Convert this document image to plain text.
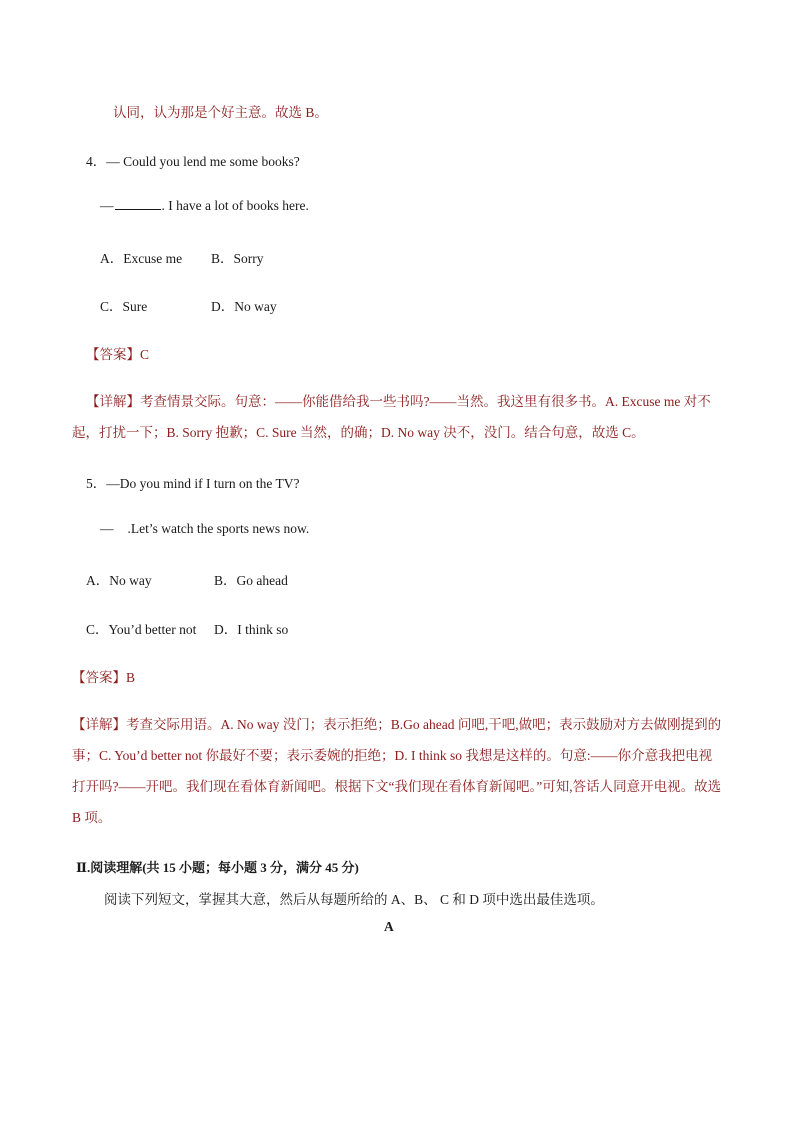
认同，认为那是个好主意。故选 B。
4．— Could you lend me some books?
—	. I have a lot of books here.
A．Excuse me B．Sorry
C．Sure	D．No way
【答案】C
【详解】考查情景交际。句意：——你能借给我一些书吗?——当然。我这里有很多书。A. Excuse me 对不起，打扰一下；B. Sorry 抱歉；C. Sure 当然，的确；D. No way 决不，没门。结合句意，故选 C。
5．—Do you mind if I turn on the TV?
— .Let’s watch the sports news now.
A．No way	B．Go ahead
C．You’d better not D．I think so
【答案】B
【详解】考查交际用语。A. No way 没门；表示拒绝；B.Go ahead 问吧,干吧,做吧；表示鼓励对方去做刚提到的事；C. You’d better not 你最好不要；表示委婉的拒绝；D. I think so 我想是这样的。句意:——你介意我把电视打开吗?——开吧。我们现在看体育新闻吧。根据下文“我们现在看体育新闻吧。”可知,答话人同意开电视。故选 B 项。
Ⅱ.阅读理解(共 15 小题；每小题 3 分，满分 45 分)
阅读下列短文，掌握其大意，然后从每题所给的 A、B、 C 和 D 项中选出最佳选项。
A
